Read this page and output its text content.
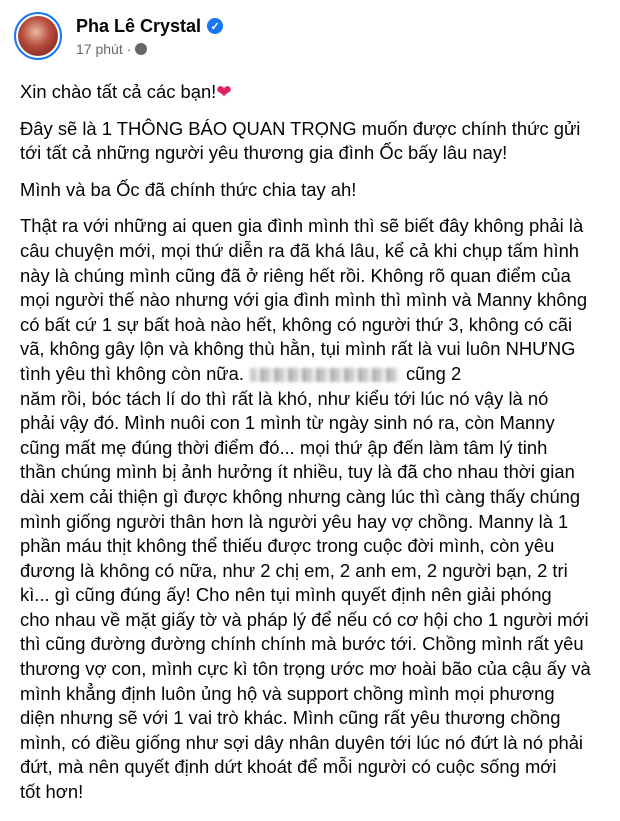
Pha Lê Crystal ✓
17 phút ·
Xin chào tất cả các bạn!❤
Đây sẽ là 1 THÔNG BÁO QUAN TRỌNG muốn được chính thức gửi
tới tất cả những người yêu thương gia đình Ốc bấy lâu nay!
Mình và ba Ốc đã chính thức chia tay ah!
Thật ra với những ai quen gia đình mình thì sẽ biết đây không phải là
câu chuyện mới, mọi thứ diễn ra đã khá lâu, kể cả khi chụp tấm hình
này là chúng mình cũng đã ở riêng hết rồi. Không rõ quan điểm của
mọi người thế nào nhưng với gia đình mình thì mình và Manny không
có bất cứ 1 sự bất hoà nào hết, không có người thứ 3, không có cãi
vã, không gây lộn và không thù hằn, tụi mình rất là vui luôn NHƯNG
tình yêu thì không còn nữa.	cũng 2
năm rồi, bóc tách lí do thì rất là khó, như kiểu tới lúc nó vậy là nó
phải vậy đó. Mình nuôi con 1 mình từ ngày sinh nó ra, còn Manny
cũng mất mẹ đúng thời điểm đó... mọi thứ ập đến làm tâm lý tinh
thần chúng mình bị ảnh hưởng ít nhiều, tuy là đã cho nhau thời gian
dài xem cải thiện gì được không nhưng càng lúc thì càng thấy chúng
mình giống người thân hơn là người yêu hay vợ chồng. Manny là 1
phần máu thịt không thể thiếu được trong cuộc đời mình, còn yêu
đương là không có nữa, như 2 chị em, 2 anh em, 2 người bạn, 2 tri
kì... gì cũng đúng ấy! Cho nên tụi mình quyết định nên giải phóng
cho nhau về mặt giấy tờ và pháp lý để nếu có cơ hội cho 1 người mới
thì cũng đường đường chính chính mà bước tới. Chồng mình rất yêu
thương vợ con, mình cực kì tôn trọng ước mơ hoài bão của cậu ấy và
mình khẳng định luôn ủng hộ và support chồng mình mọi phương
diện nhưng sẽ với 1 vai trò khác. Mình cũng rất yêu thương chồng
mình, có điều giống như sợi dây nhân duyên tới lúc nó đứt là nó phải
đứt, mà nên quyết định dứt khoát để mỗi người có cuộc sống mới
tốt hơn!
